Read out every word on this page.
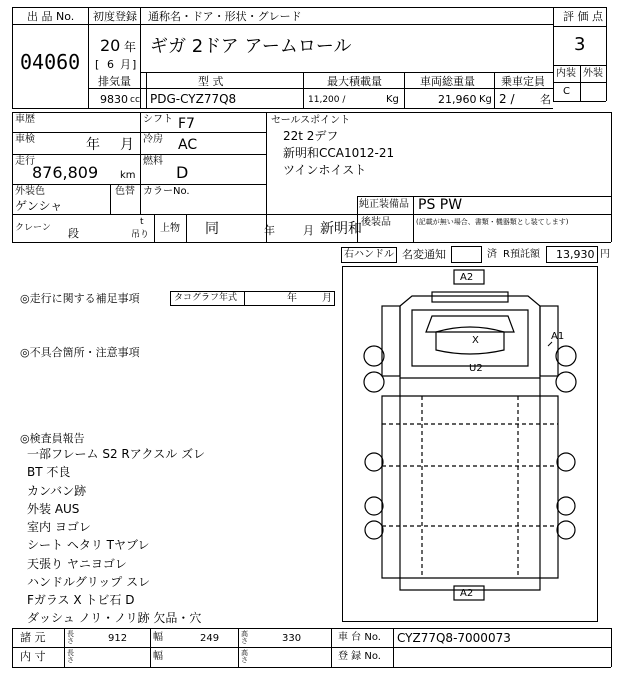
出 品 No.
04060
初度登録 通称名・ドア・形状・グレード
20 年
[ 6 月 ]
ギガ 2ドア アームロール
評 価 点
3
内装 外装
C
排気量	型 式	最大積載量	車両総重量 乗車定員
9830 cc PDG-CYZ77Q8	11,200 /	Kg	21,960 Kg 2 / 名
車歴	シフト F7
車検	年 月 冷房 AC
走行
876,809 km
燃料
D
外装色
ゲンシャ
色替 カラーNo.
クレーン 段
t
吊り
上物 同	年	月 新明和
セールスポイント
22t 2デフ
新明和CCA1012-21
ツインホイスト
純正装備品 PS PW
後装品	(記載が無い場合、書類・機器類とし装てします)
右ハンドル 名変通知	済 R預託額 13,930 円
◎走行に関する補足事項	タコグラフ年式	年	月
◎不具合箇所・注意事項
◎検査員報告
一部フレーム S2 Rアクスル ズレ
BT 不良
カンバン跡
外装 AUS
室内 ヨゴレ
シート ヘタリ Tヤブレ
天張り ヤニヨゴレ
ハンドルグリップ スレ
Fガラス X トビ石 D
ダッシュ ノリ・ノリ跡 欠品・穴
A2
A2
A1
X
U2
諸 元	長さ	912	幅	249	高さ	330	車 台 No. CYZ77Q8-7000073
内 寸	長さ	幅	高さ	登 録 No.
